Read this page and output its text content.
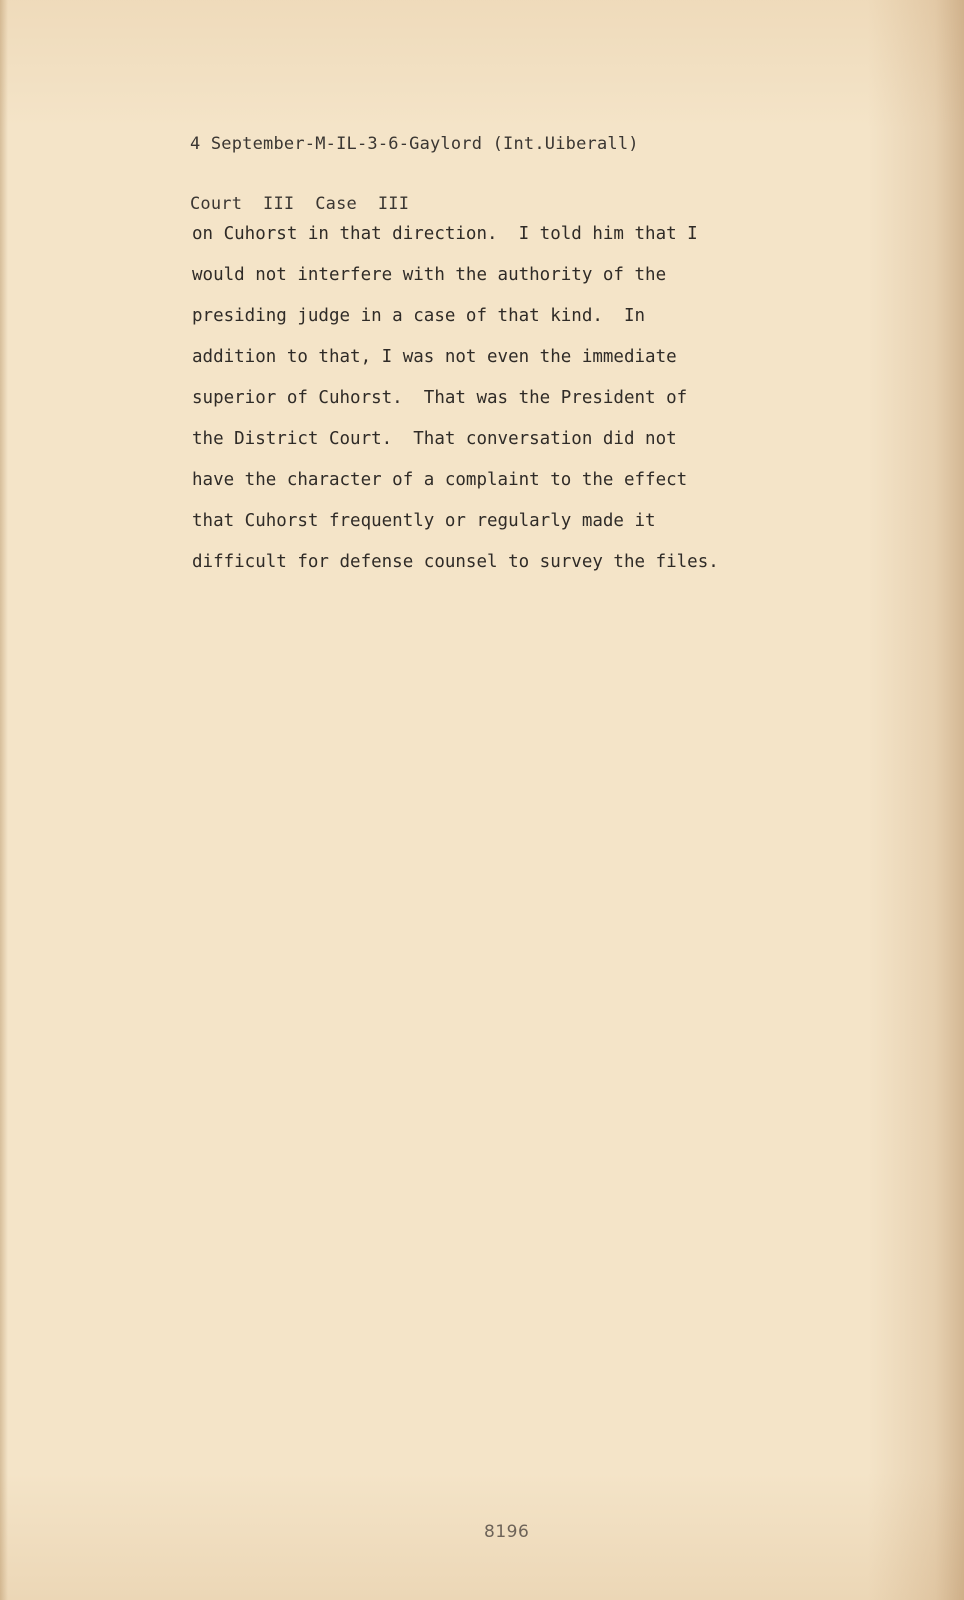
4 September-M-IL-3-6-Gaylord (Int.Uiberall)

Court  III  Case  III

on Cuhorst in that direction.  I told him that I
would not interfere with the authority of the
presiding judge in a case of that kind.  In
addition to that, I was not even the immediate
superior of Cuhorst.  That was the President of
the District Court.  That conversation did not
have the character of a complaint to the effect
that Cuhorst frequently or regularly made it
difficult for defense counsel to survey the files.
8196
